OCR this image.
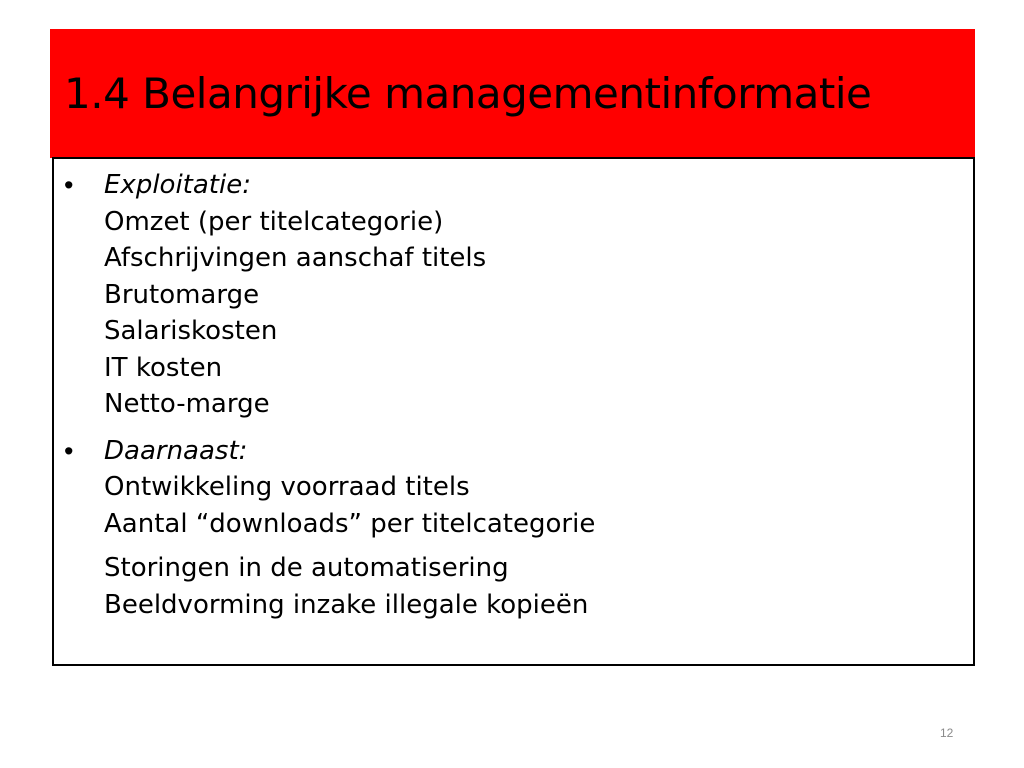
1.4 Belangrijke managementinformatie
• Exploitatie:
Omzet (per titelcategorie)
Afschrijvingen aanschaf titels
Brutomarge
Salariskosten
IT kosten
Netto-marge
• Daarnaast:
Ontwikkeling voorraad titels
Aantal “downloads” per titelcategorie
Storingen in de automatisering
Beeldvorming inzake illegale kopieën
12
